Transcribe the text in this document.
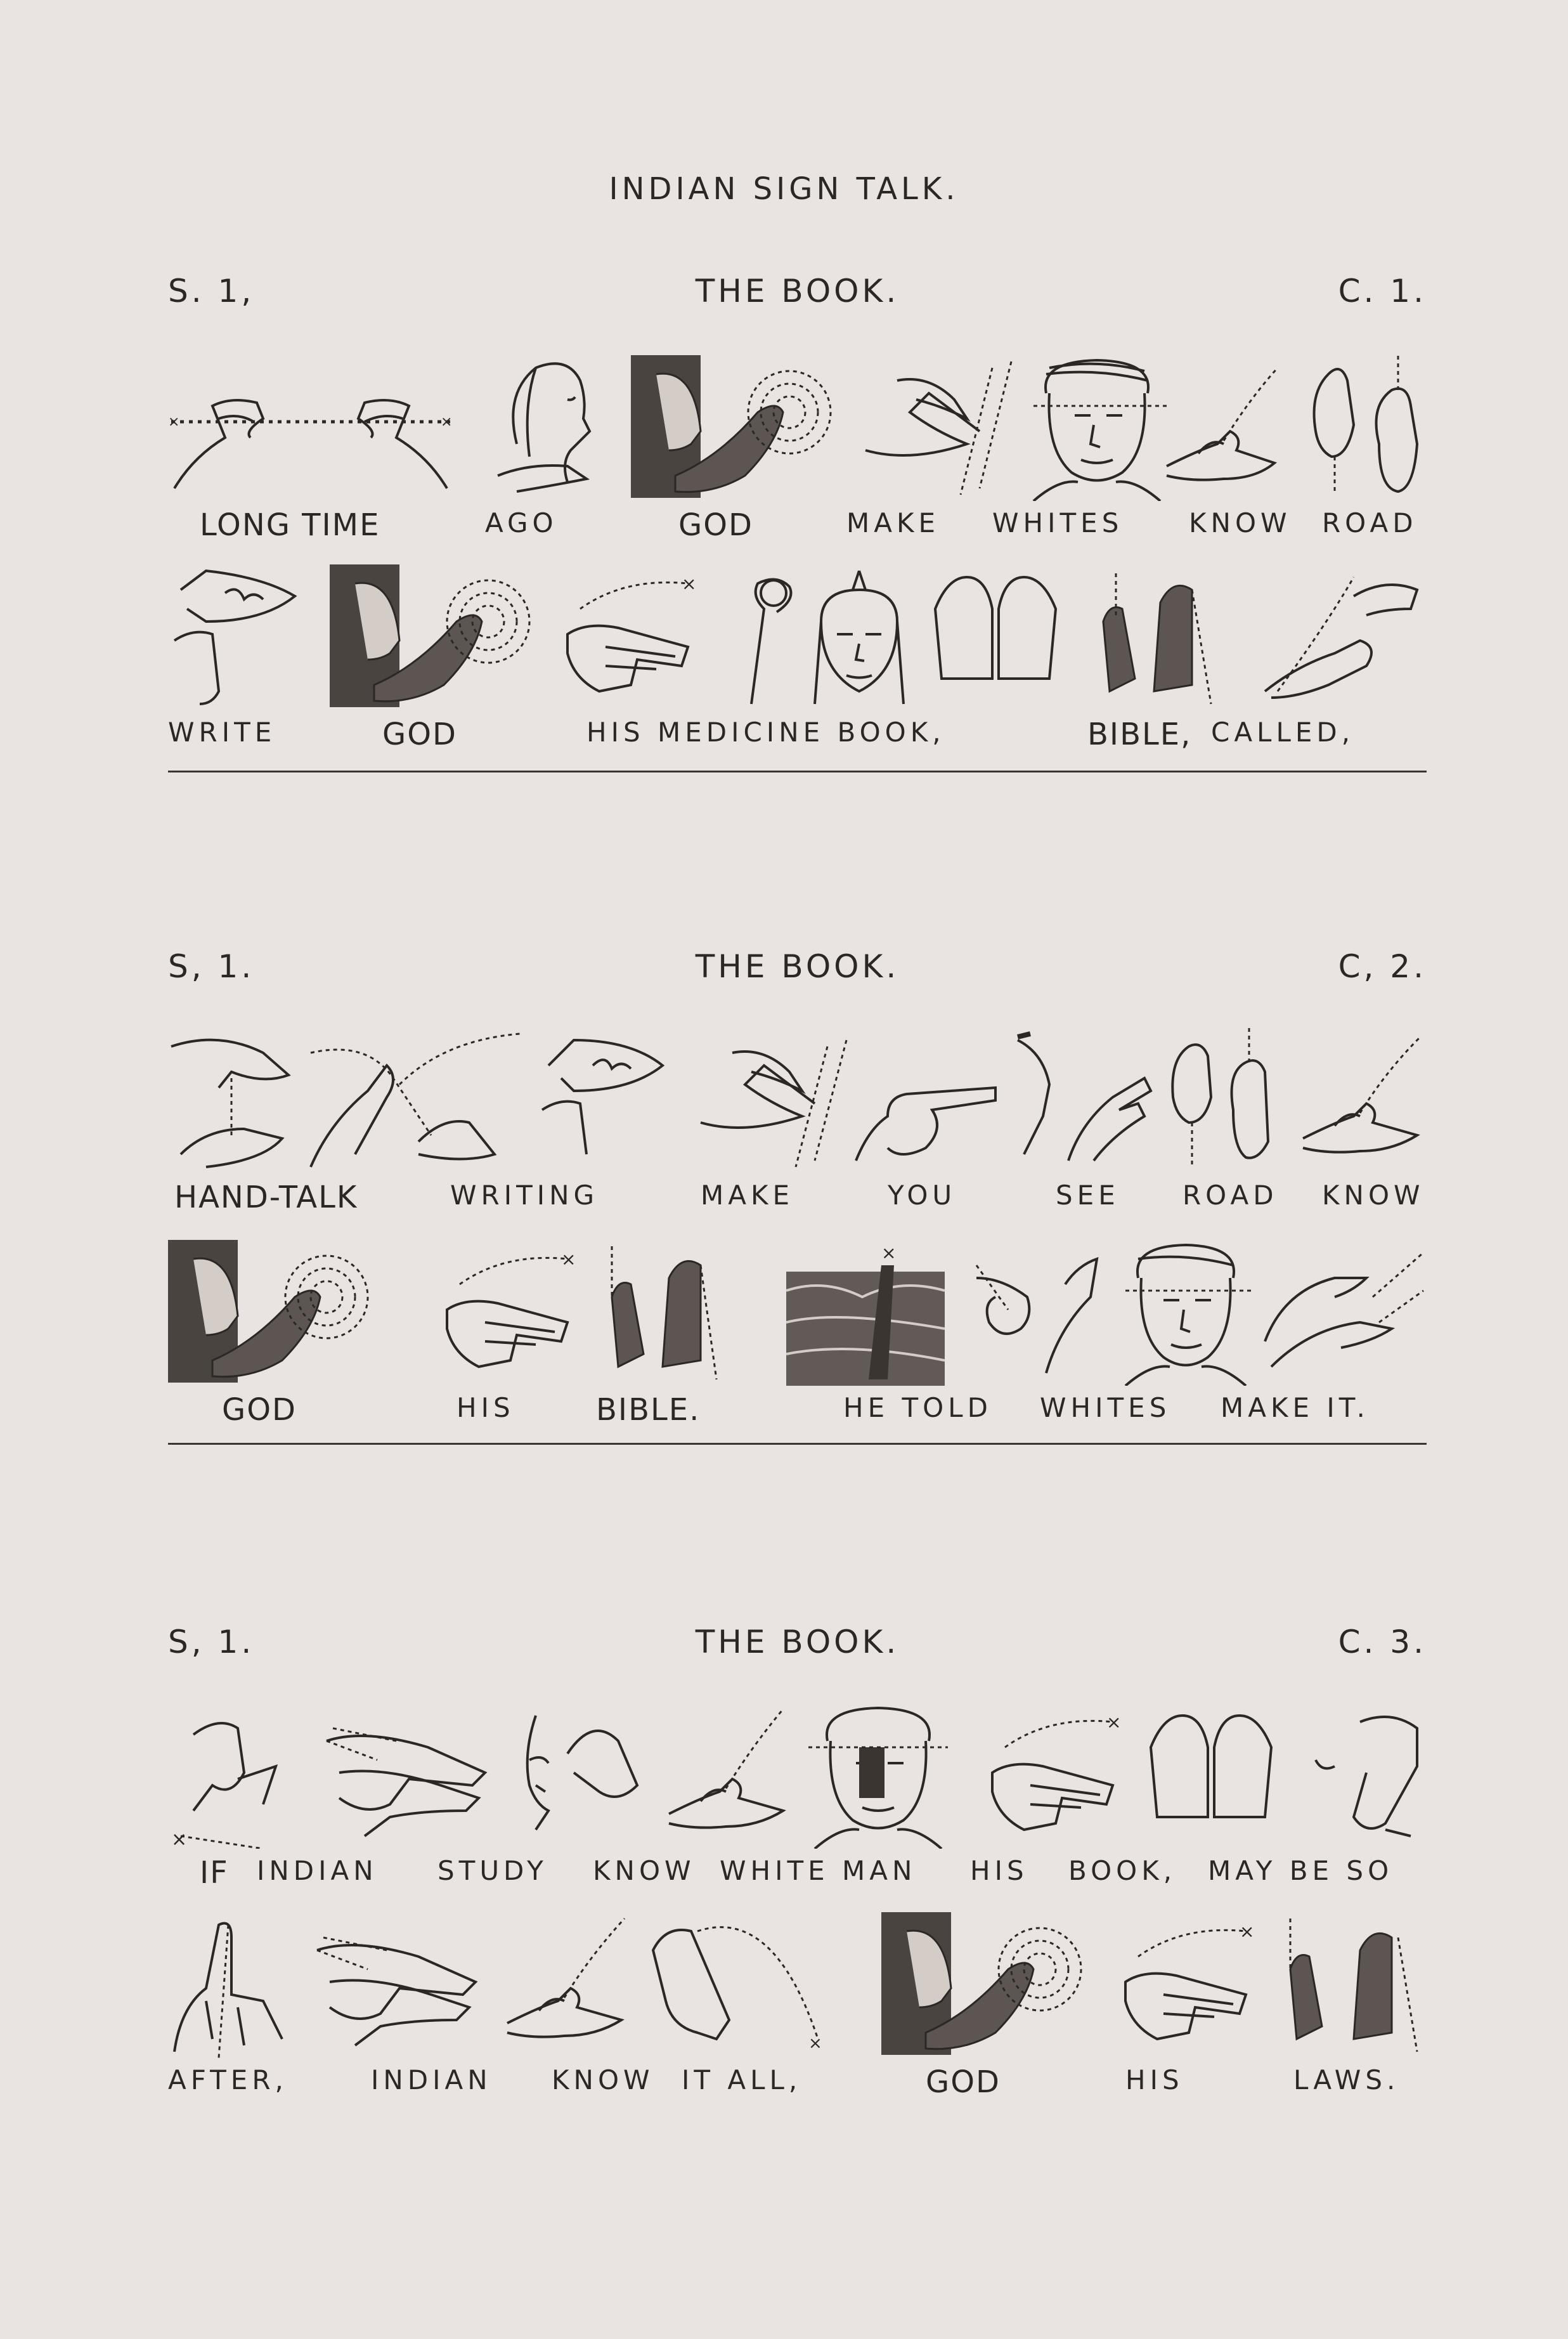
INDIAN SIGN TALK.
S. 1,	THE BOOK.	C. 1.
×	×
LONG TIME	AGO	GOD	MAKE WHITES KNOW ROAD
×
WRITE	GOD	HIS MEDICINE BOOK,	BIBLE, CALLED,
S, 1.	THE BOOK.	C, 2.
HAND-TALK	WRITING	MAKE	YOU	SEE ROAD KNOW
×	×
GOD	HIS	BIBLE.	HE TOLD WHITES MAKE IT.
S, 1.	THE BOOK.	C. 3.
×
×
IF INDIAN STUDY KNOW WHITE MAN HIS BOOK, MAY BE SO
×
×
AFTER,	INDIAN KNOW IT ALL,	GOD	HIS	LAWS.
